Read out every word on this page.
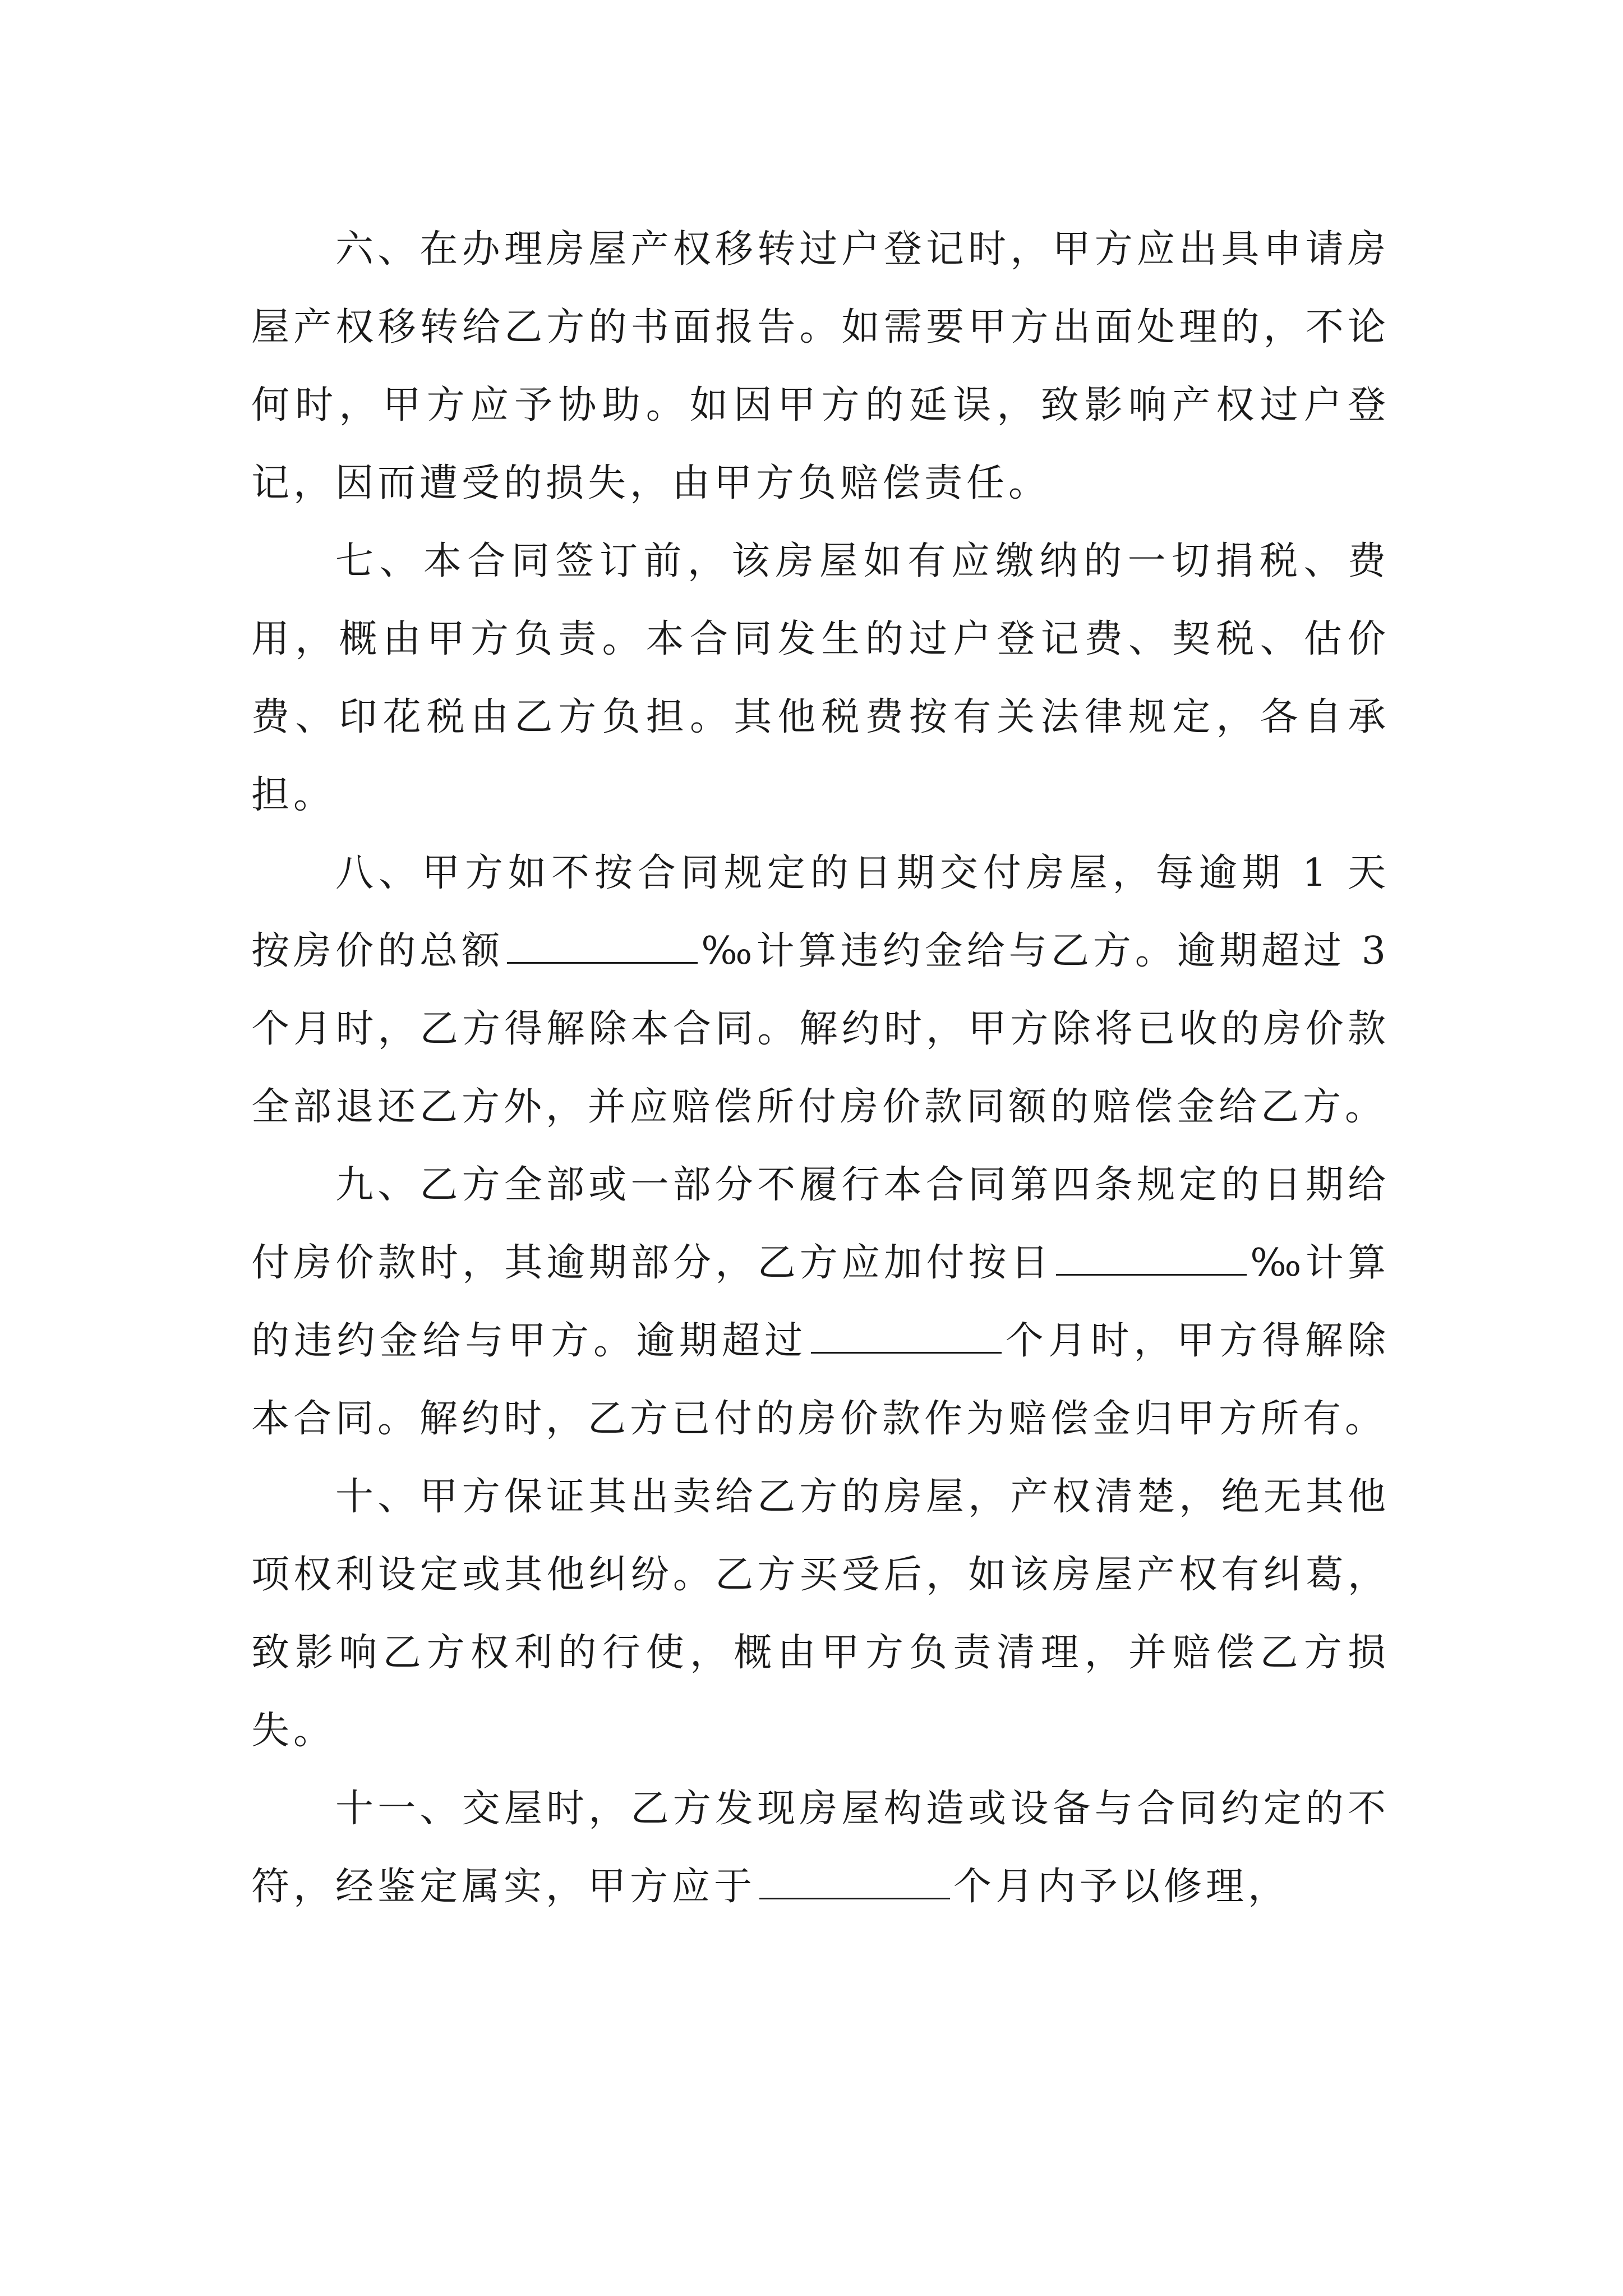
六、在办理房屋产权移转过户登记时，甲方应出具申请房屋产权移转给乙方的书面报告。如需要甲方出面处理的，不论何时，甲方应予协助。如因甲方的延误，致影响产权过户登记，因而遭受的损失，由甲方负赔偿责任。

七、本合同签订前，该房屋如有应缴纳的一切捐税、费用，概由甲方负责。本合同发生的过户登记费、契税、估价费、印花税由乙方负担。其他税费按有关法律规定，各自承担。

八、甲方如不按合同规定的日期交付房屋，每逾期 1 天按房价的总额	‰计算违约金给与乙方。逾期超过 3 个月时，乙方得解除本合同。解约时，甲方除将已收的房价款全部退还乙方外，并应赔偿所付房价款同额的赔偿金给乙方。

九、乙方全部或一部分不履行本合同第四条规定的日期给付房价款时，其逾期部分，乙方应加付按日	‰计算的违约金给与甲方。逾期超过	个月时，甲方得解除本合同。解约时，乙方已付的房价款作为赔偿金归甲方所有。

十、甲方保证其出卖给乙方的房屋，产权清楚，绝无其他项权利设定或其他纠纷。乙方买受后，如该房屋产权有纠葛，致影响乙方权利的行使，概由甲方负责清理，并赔偿乙方损失。

十一、交屋时，乙方发现房屋构造或设备与合同约定的不符，经鉴定属实，甲方应于	个月内予以修理，
